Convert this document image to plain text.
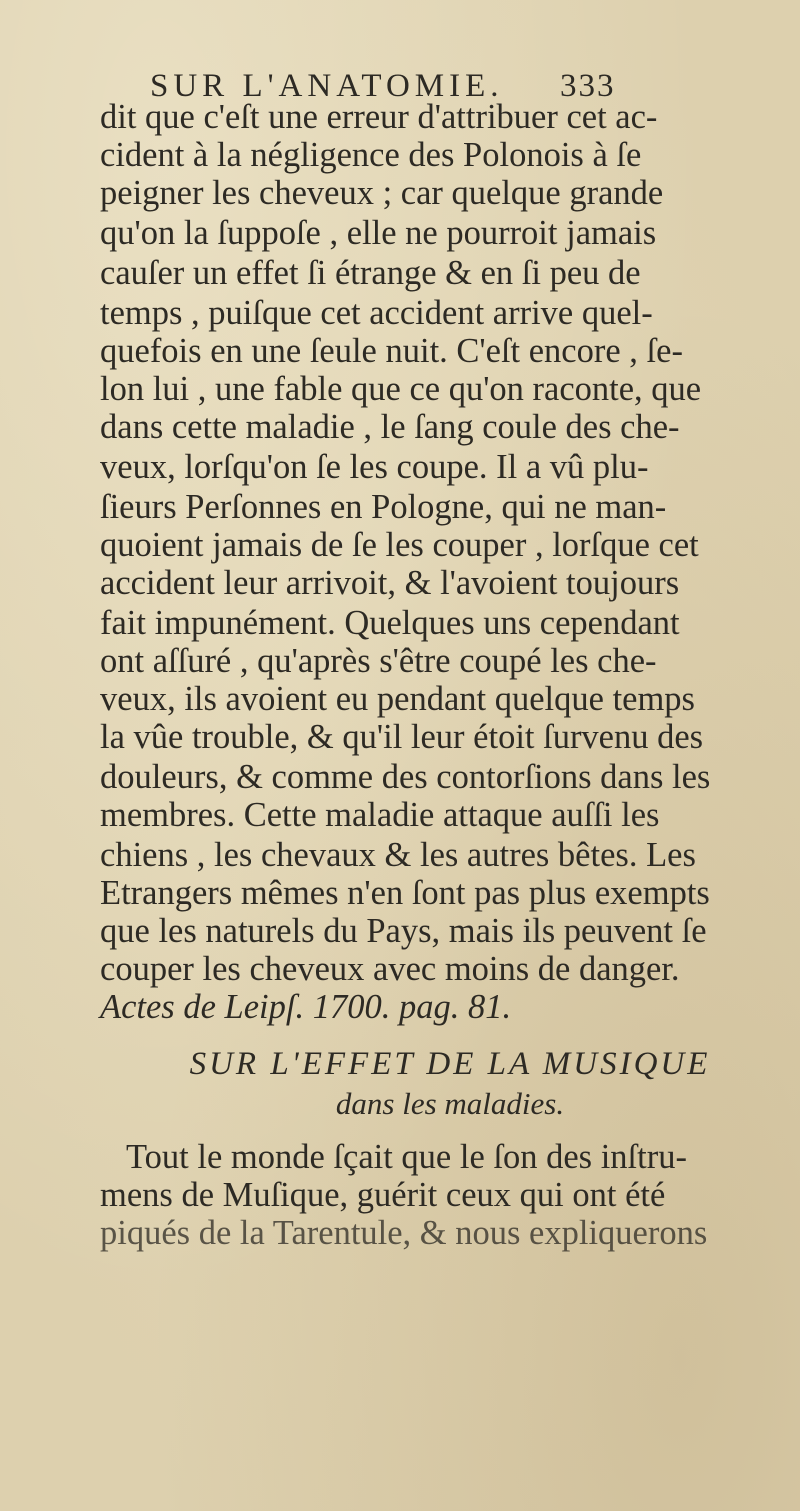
SUR L'ANATOMIE. 333
dit que c'eſt une erreur d'attribuer cet ac-
cident à la négligence des Polonois à ſe
peigner les cheveux ; car quelque grande
qu'on la ſuppoſe , elle ne pourroit jamais
cauſer un effet ſi étrange & en ſi peu de
temps , puiſque cet accident arrive quel-
quefois en une ſeule nuit. C'eſt encore , ſe-
lon lui , une fable que ce qu'on raconte, que
dans cette maladie , le ſang coule des che-
veux, lorſqu'on ſe les coupe. Il a vû plu-
ſieurs Perſonnes en Pologne, qui ne man-
quoient jamais de ſe les couper , lorſque cet
accident leur arrivoit, & l'avoient toujours
fait impunément. Quelques uns cependant
ont aſſuré , qu'après s'être coupé les che-
veux, ils avoient eu pendant quelque temps
la vûe trouble, & qu'il leur étoit ſurvenu des
douleurs, & comme des contorſions dans les
membres. Cette maladie attaque auſſi les
chiens , les chevaux & les autres bêtes. Les
Etrangers mêmes n'en ſont pas plus exempts
que les naturels du Pays, mais ils peuvent ſe
couper les cheveux avec moins de danger.
Actes de Leipſ. 1700. pag. 81.
SUR L'EFFET DE LA MUSIQUE
dans les maladies.
Tout le monde ſçait que le ſon des inſtru-
mens de Muſique, guérit ceux qui ont été
piqués de la Tarentule, & nous expliquerons
